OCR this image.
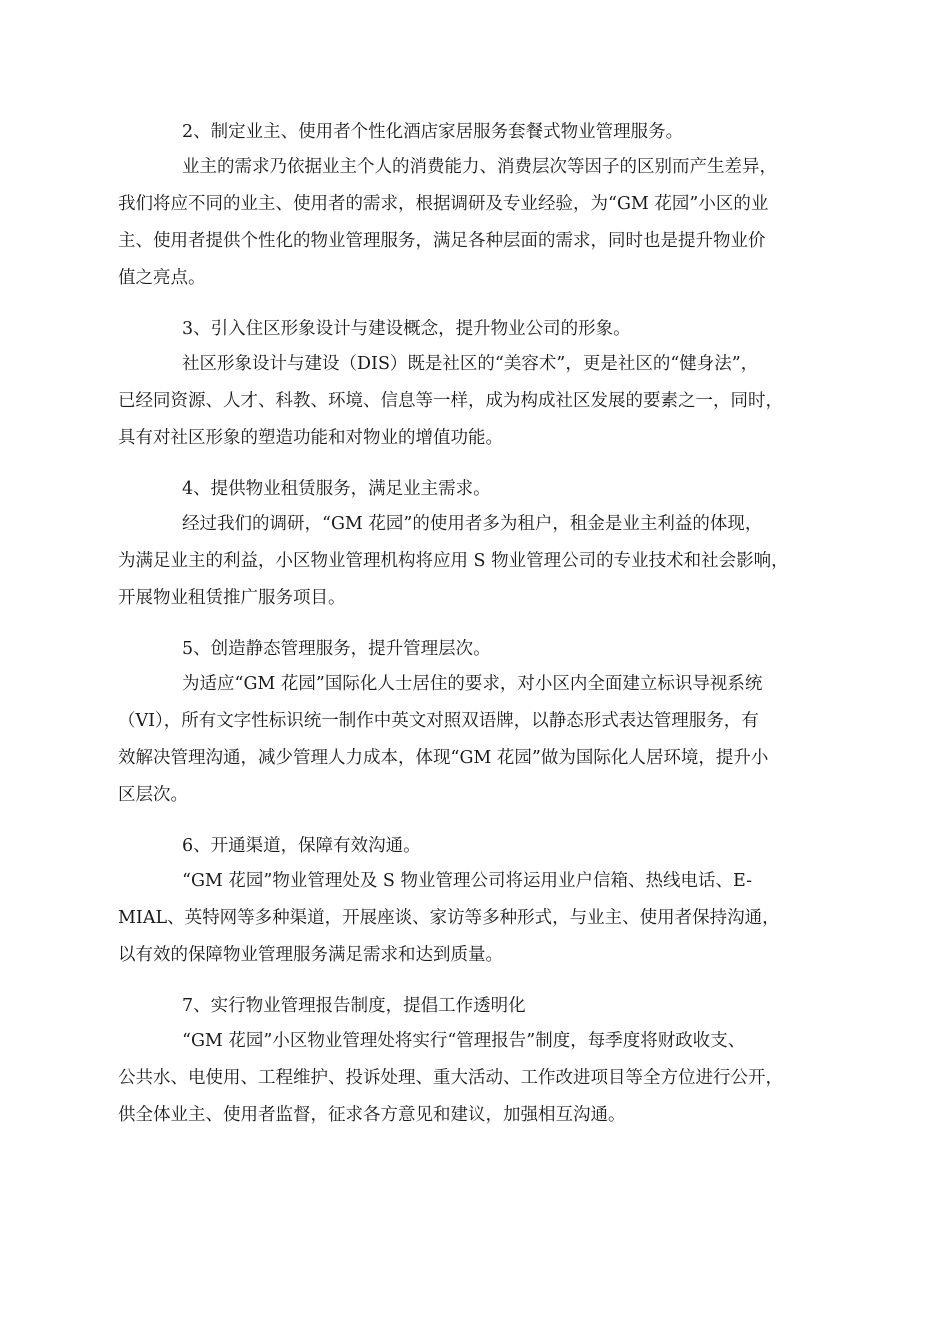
2、制定业主、使用者个性化酒店家居服务套餐式物业管理服务。
业主的需求乃依据业主个人的消费能力、消费层次等因子的区别而产生差异，
我们将应不同的业主、使用者的需求，根据调研及专业经验，为“GM 花园”小区的业
主、使用者提供个性化的物业管理服务，满足各种层面的需求，同时也是提升物业价
值之亮点。
3、引入住区形象设计与建设概念，提升物业公司的形象。
社区形象设计与建设（DIS）既是社区的“美容术”，更是社区的“健身法”，
已经同资源、人才、科教、环境、信息等一样，成为构成社区发展的要素之一，同时，
具有对社区形象的塑造功能和对物业的增值功能。
4、提供物业租赁服务，满足业主需求。
经过我们的调研，“GM 花园”的使用者多为租户，租金是业主利益的体现，
为满足业主的利益，小区物业管理机构将应用 S 物业管理公司的专业技术和社会影响，
开展物业租赁推广服务项目。
5、创造静态管理服务，提升管理层次。
为适应“GM 花园”国际化人士居住的要求，对小区内全面建立标识导视系统
（VI），所有文字性标识统一制作中英文对照双语牌，以静态形式表达管理服务，有
效解决管理沟通，减少管理人力成本，体现“GM 花园”做为国际化人居环境，提升小
区层次。
6、开通渠道，保障有效沟通。
“GM 花园”物业管理处及 S 物业管理公司将运用业户信箱、热线电话、E-
MIAL、英特网等多种渠道，开展座谈、家访等多种形式，与业主、使用者保持沟通，
以有效的保障物业管理服务满足需求和达到质量。
7、实行物业管理报告制度，提倡工作透明化
“GM 花园”小区物业管理处将实行“管理报告”制度，每季度将财政收支、
公共水、电使用、工程维护、投诉处理、重大活动、工作改进项目等全方位进行公开，
供全体业主、使用者监督，征求各方意见和建议，加强相互沟通。
